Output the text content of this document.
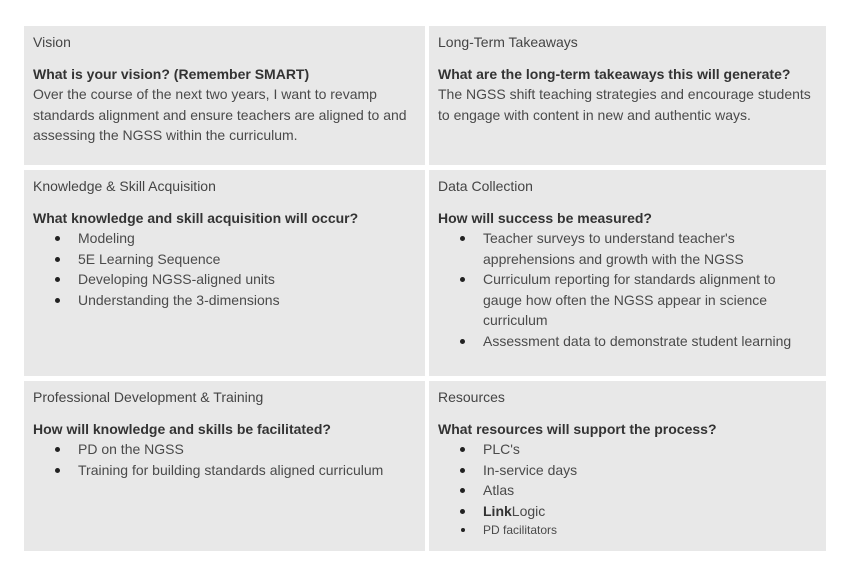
Vision
What is your vision? (Remember SMART)
Over the course of the next two years, I want to revamp standards alignment and ensure teachers are aligned to and assessing the NGSS within the curriculum.
Long-Term Takeaways
What are the long-term takeaways this will generate?
The NGSS shift teaching strategies and encourage students to engage with content in new and authentic ways.
Knowledge & Skill Acquisition
What knowledge and skill acquisition will occur?
Modeling
5E Learning Sequence
Developing NGSS-aligned units
Understanding the 3-dimensions
Data Collection
How will success be measured?
Teacher surveys to understand teacher's apprehensions and growth with the NGSS
Curriculum reporting for standards alignment to gauge how often the NGSS appear in science curriculum
Assessment data to demonstrate student learning
Professional Development & Training
How will knowledge and skills be facilitated?
PD on the NGSS
Training for building standards aligned curriculum
Resources
What resources will support the process?
PLC's
In-service days
Atlas
LinkLogic
PD facilitators
